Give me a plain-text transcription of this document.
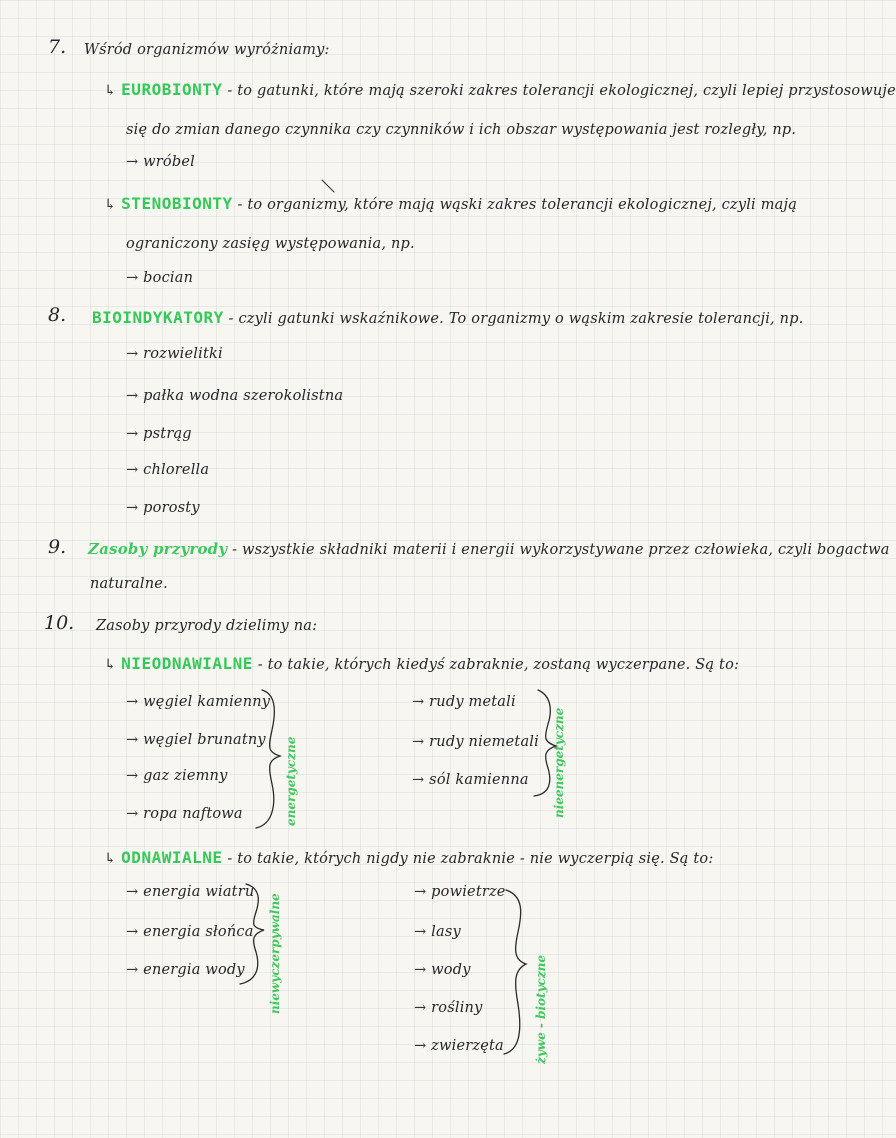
7. Wśród organizmów wyróżniamy:
↳ EUROBIONTY - to gatunki, które mają szeroki zakres tolerancji ekologicznej, czyli lepiej przystosowuje
się do zmian danego czynnika czy czynników i ich obszar występowania jest rozległy, np.
→ wróbel
↳ STENOBIONTY - to organizmy, które mają wąski zakres tolerancji ekologicznej, czyli mają
ograniczony zasięg występowania, np.
→ bocian
8. BIOINDYKATORY - czyli gatunki wskaźnikowe. To organizmy o wąskim zakresie tolerancji, np.
→ rozwielitki
→ pałka wodna szerokolistna
→ pstrąg
→ chlorella
→ porosty
9. Zasoby przyrody - wszystkie składniki materii i energii wykorzystywane przez człowieka, czyli bogactwa
naturalne.
10. Zasoby przyrody dzielimy na:
↳ NIEODNAWIALNE - to takie, których kiedyś zabraknie, zostaną wyczerpane. Są to:
→ węgiel kamienny
→ węgiel brunatny
→ gaz ziemny
→ ropa naftowa	energetyczne
→ rudy metali
→ rudy niemetali
→ sól kamienna nieenergetyczne
↳ ODNAWIALNE - to takie, których nigdy nie zabraknie - nie wyczerpią się. Są to:
→ energia wiatru
→ energia słońca
→ energia wody niewyczerpywalne
→ powietrze
→ lasy
→ wody
→ rośliny
→ zwierzęta	żywe - biotyczne
